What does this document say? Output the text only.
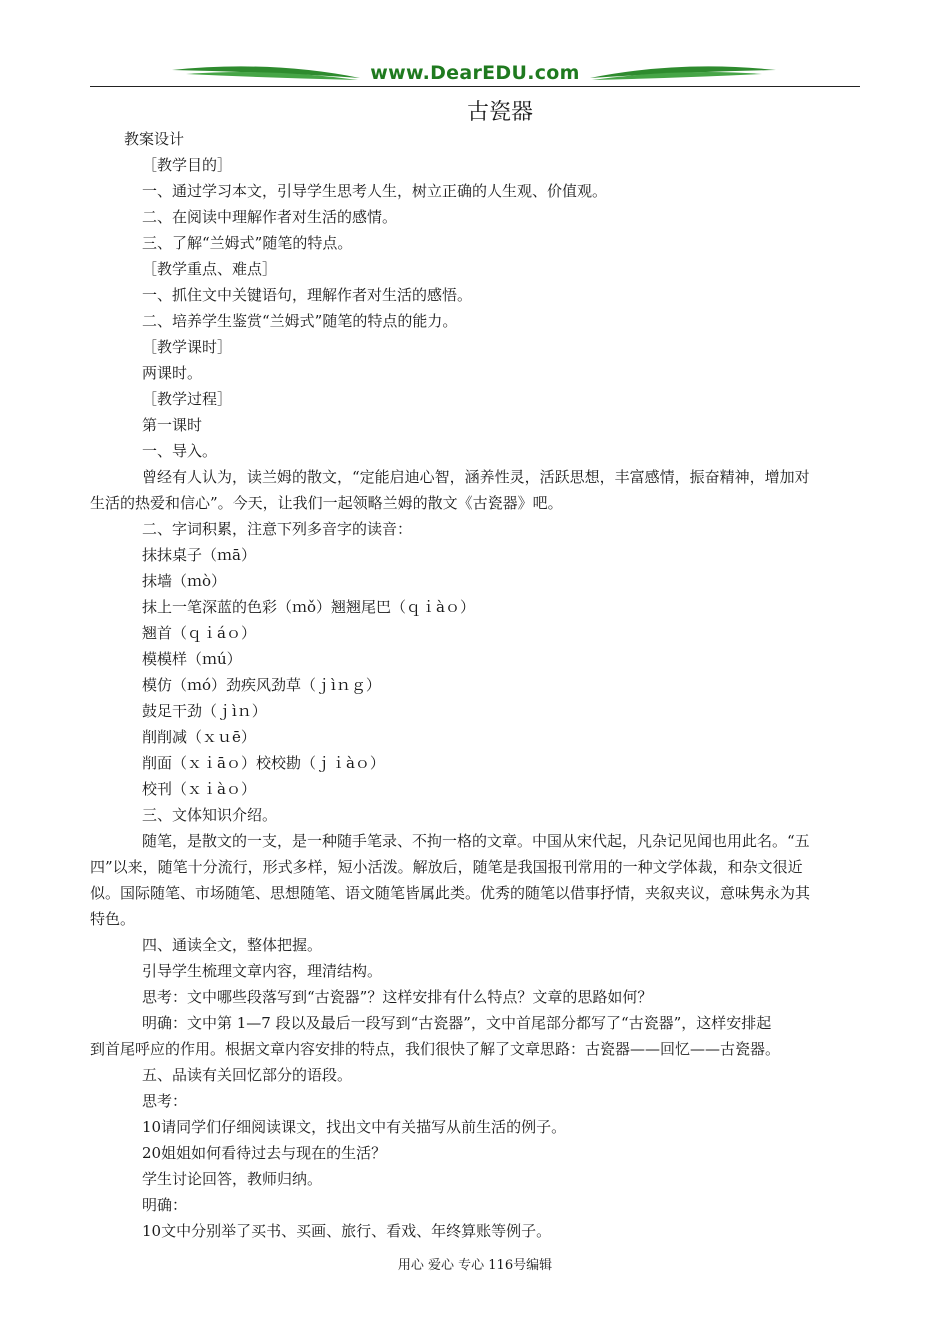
www.DearEDU.com
古瓷器
教案设计
［教学目的］
一、通过学习本文，引导学生思考人生，树立正确的人生观、价值观。
二、在阅读中理解作者对生活的感情。
三、了解“兰姆式”随笔的特点。
［教学重点、难点］
一、抓住文中关键语句，理解作者对生活的感悟。
二、培养学生鉴赏“兰姆式”随笔的特点的能力。
［教学课时］
两课时。
［教学过程］
第一课时
一、导入。

曾经有人认为，读兰姆的散文，“定能启迪心智，涵养性灵，活跃思想，丰富感情，振奋精神，增加对

生活的热爱和信心”。今天，让我们一起领略兰姆的散文《古瓷器》吧。

二、字词积累，注意下列多音字的读音：
抹抹桌子（ｍā）
抹墙（ｍò）
抹上一笔深蓝的色彩（ｍǒ）翘翘尾巴（ｑｉàｏ）
翘首（ｑｉáｏ）
模模样（ｍú）
模仿（ｍó）劲疾风劲草（ｊìｎｇ）
鼓足干劲（ｊìｎ）
削削减（ｘｕē）
削面（ｘｉāｏ）校校勘（ｊｉàｏ）
校刊（ｘｉàｏ）
三、文体知识介绍。

随笔，是散文的一支，是一种随手笔录、不拘一格的文章。中国从宋代起，凡杂记见闻也用此名。“五

四”以来，随笔十分流行，形式多样，短小活泼。解放后，随笔是我国报刊常用的一种文学体裁，和杂文很近

似。国际随笔、市场随笔、思想随笔、语文随笔皆属此类。优秀的随笔以借事抒情，夹叙夹议，意味隽永为其

特色。

四、通读全文，整体把握。
引导学生梳理文章内容，理清结构。
思考：文中哪些段落写到“古瓷器”？这样安排有什么特点？文章的思路如何？

明确：文中第 1—7 段以及最后一段写到“古瓷器”，文中首尾部分都写了“古瓷器”，这样安排起

到首尾呼应的作用。根据文章内容安排的特点，我们很快了解了文章思路：古瓷器——回忆——古瓷器。

五、品读有关回忆部分的语段。
思考：
10请同学们仔细阅读课文，找出文中有关描写从前生活的例子。
20姐姐如何看待过去与现在的生活？
学生讨论回答，教师归纳。
明确：
10文中分别举了买书、买画、旅行、看戏、年终算账等例子。
用心 爱心 专心 116号编辑
